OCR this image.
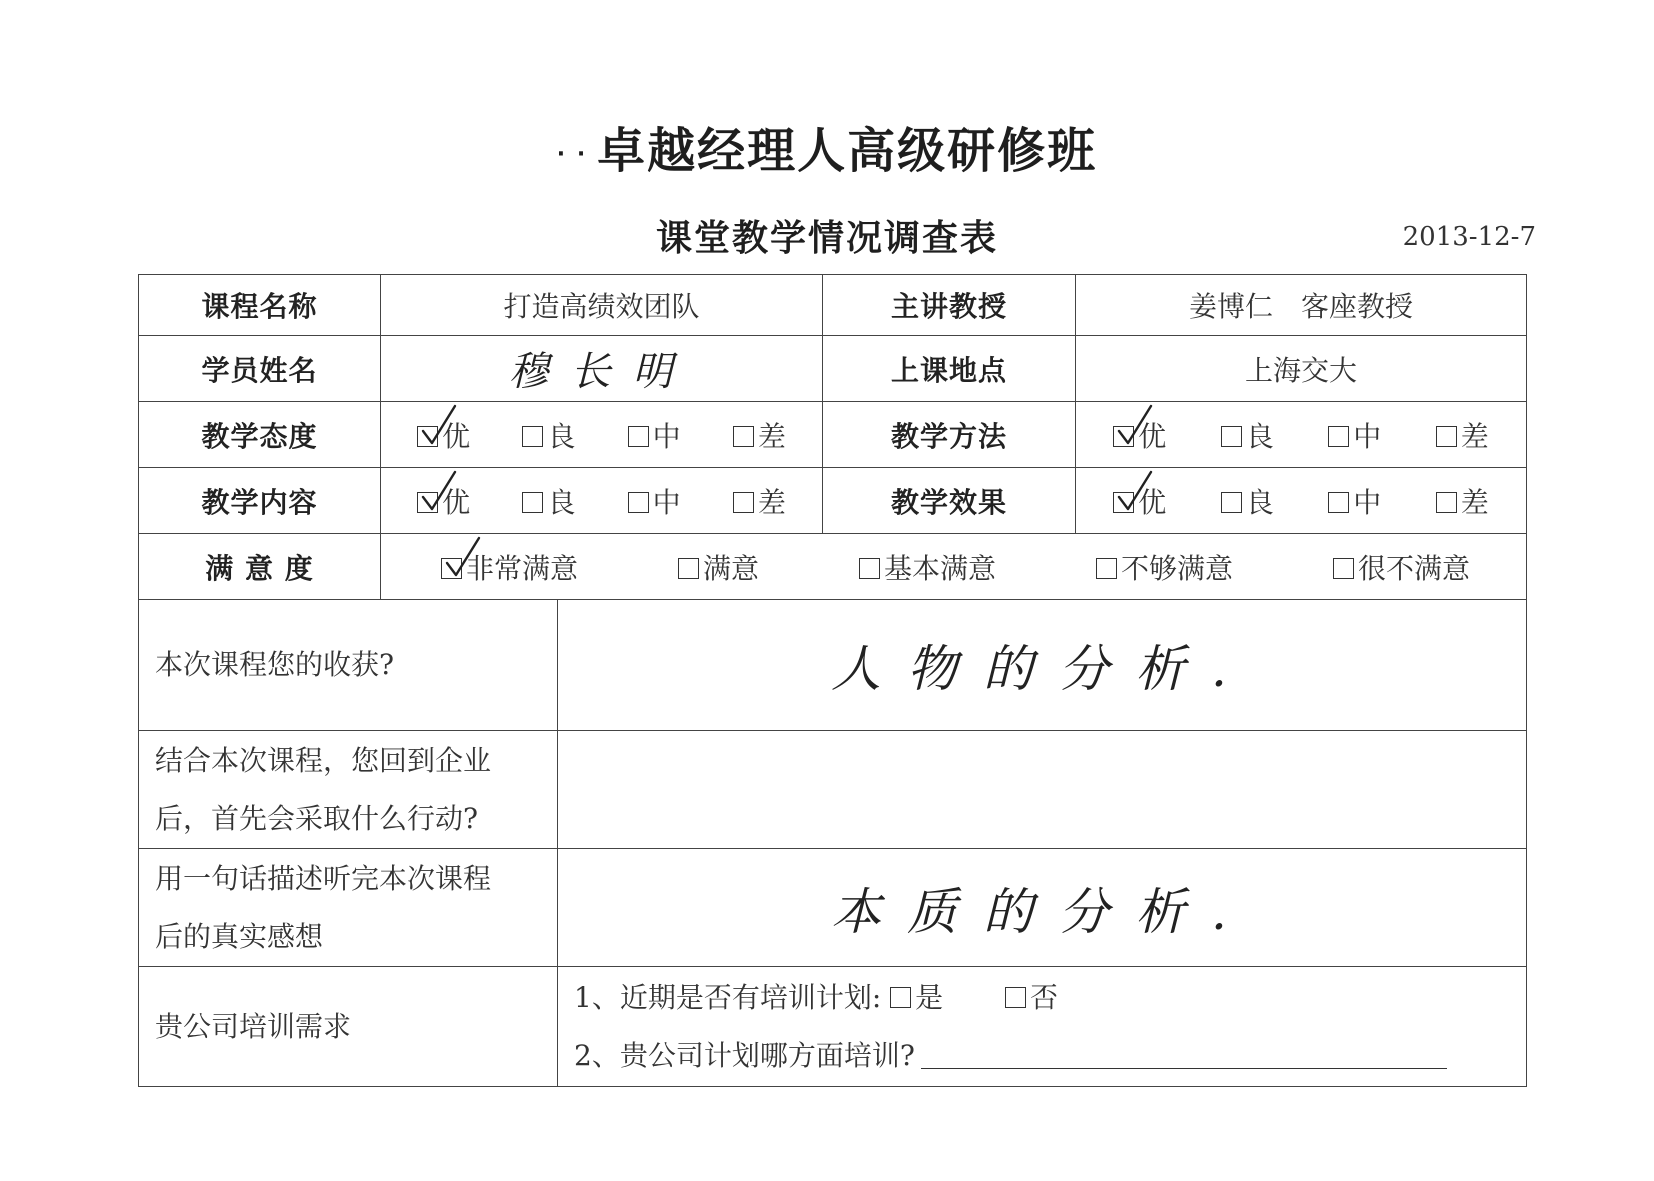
· · 卓越经理人高级研修班
课堂教学情况调查表	2013-12-7
课程名称	打造高绩效团队		主讲教授	姜博仁　客座教授
学员姓名	穆长明		上课地点	上海交大
教学态度	优 良 中 差		教学方法	优 良 中 差

教学内容	优 良 中 差		教学效果	优 良 中 差

满 意 度	非常满意 满意 基本满意 不够满意 很不满意			

本次课程您的收获?		人物的分析.		

结合本次课程，您回到企业
后，首先会采取什么行动?				

用一句话描述听完本次课程
后的真实感想		本质的分析.		
贵公司培训需求		1、近期是否有培训计划: 是 否
2、贵公司计划哪方面培训?		
